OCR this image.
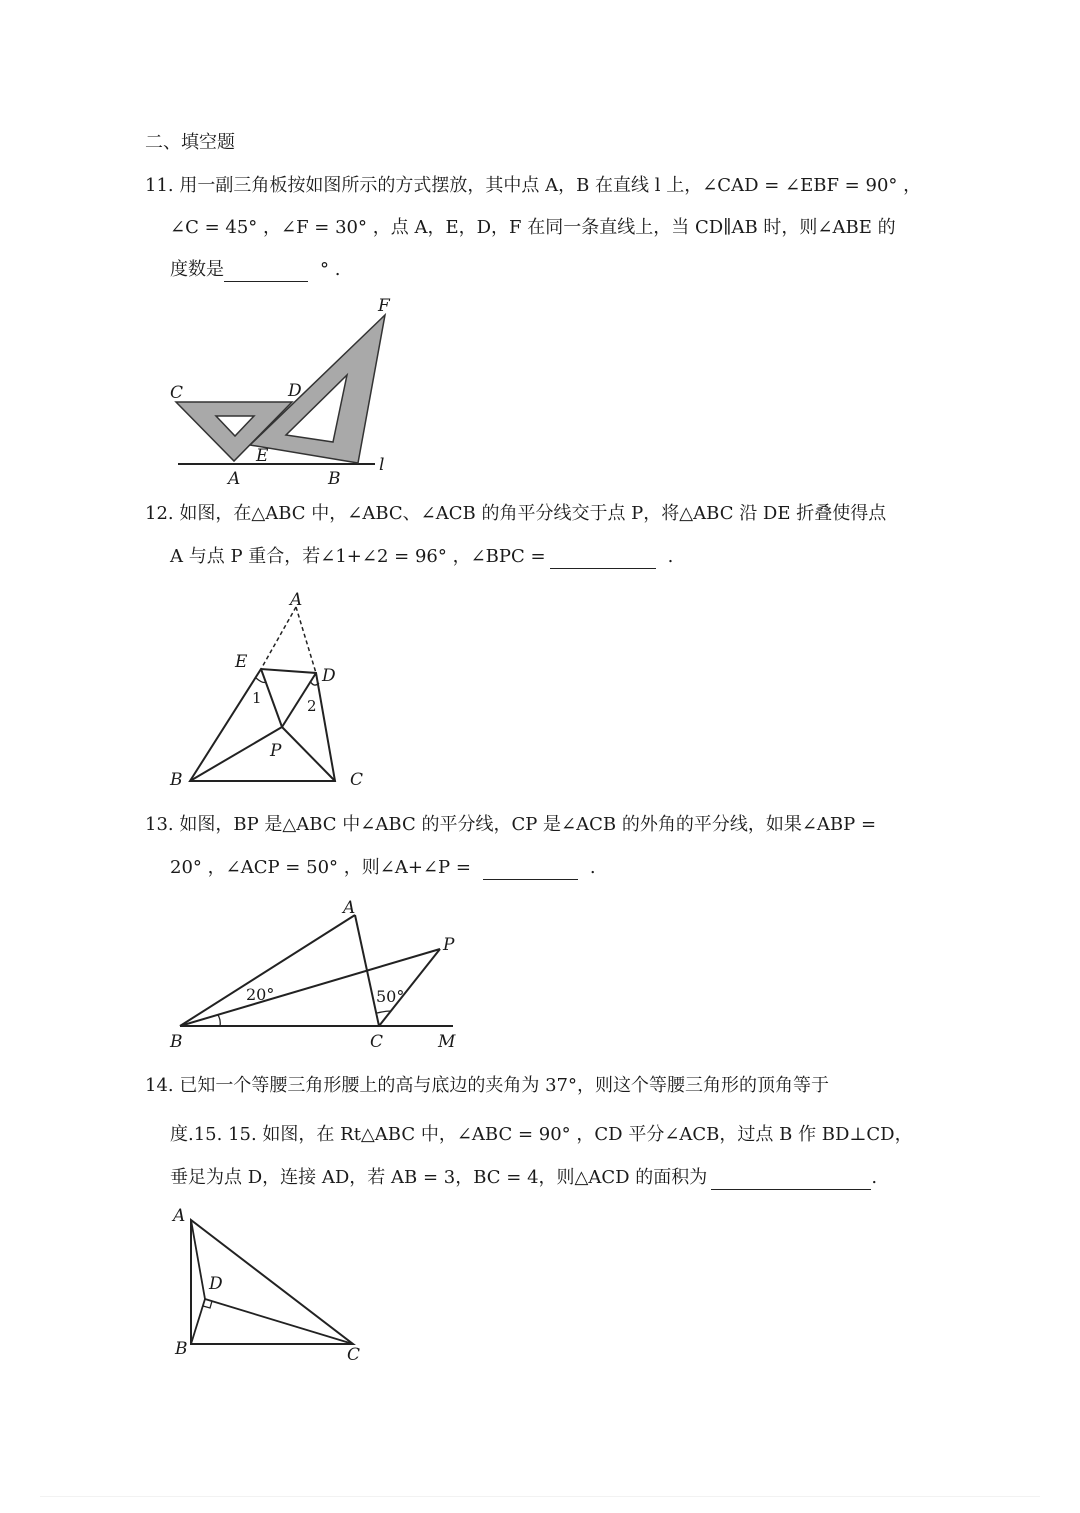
二、填空题
11. 用一副三角板按如图所示的方式摆放，其中点 A，B 在直线 l 上，∠CAD = ∠EBF = 90° ，
∠C = 45° ，∠F = 30° ，点 A，E，D，F 在同一条直线上，当 CD∥AB 时，则∠ABE 的
度数是	° .
F
C	D
E
A	B
l
12. 如图，在△ABC 中，∠ABC、∠ACB 的角平分线交于点 P，将△ABC 沿 DE 折叠使得点
A 与点 P 重合，若∠1+∠2 = 96° ，∠BPC =	.
A
E
D
1	2
P
B	C
13. 如图，BP 是△ABC 中∠ABC 的平分线，CP 是∠ACB 的外角的平分线，如果∠ABP =
20° ，∠ACP = 50° ，则∠A+∠P =	.
A
P
20°	50°
B	C	M
14. 已知一个等腰三角形腰上的高与底边的夹角为 37°，则这个等腰三角形的顶角等于
度.15. 15. 如图，在 Rt△ABC 中，∠ABC = 90° ，CD 平分∠ACB，过点 B 作 BD⊥CD，
垂足为点 D，连接 AD，若 AB = 3，BC = 4，则△ACD 的面积为	.
A
D
B	C
